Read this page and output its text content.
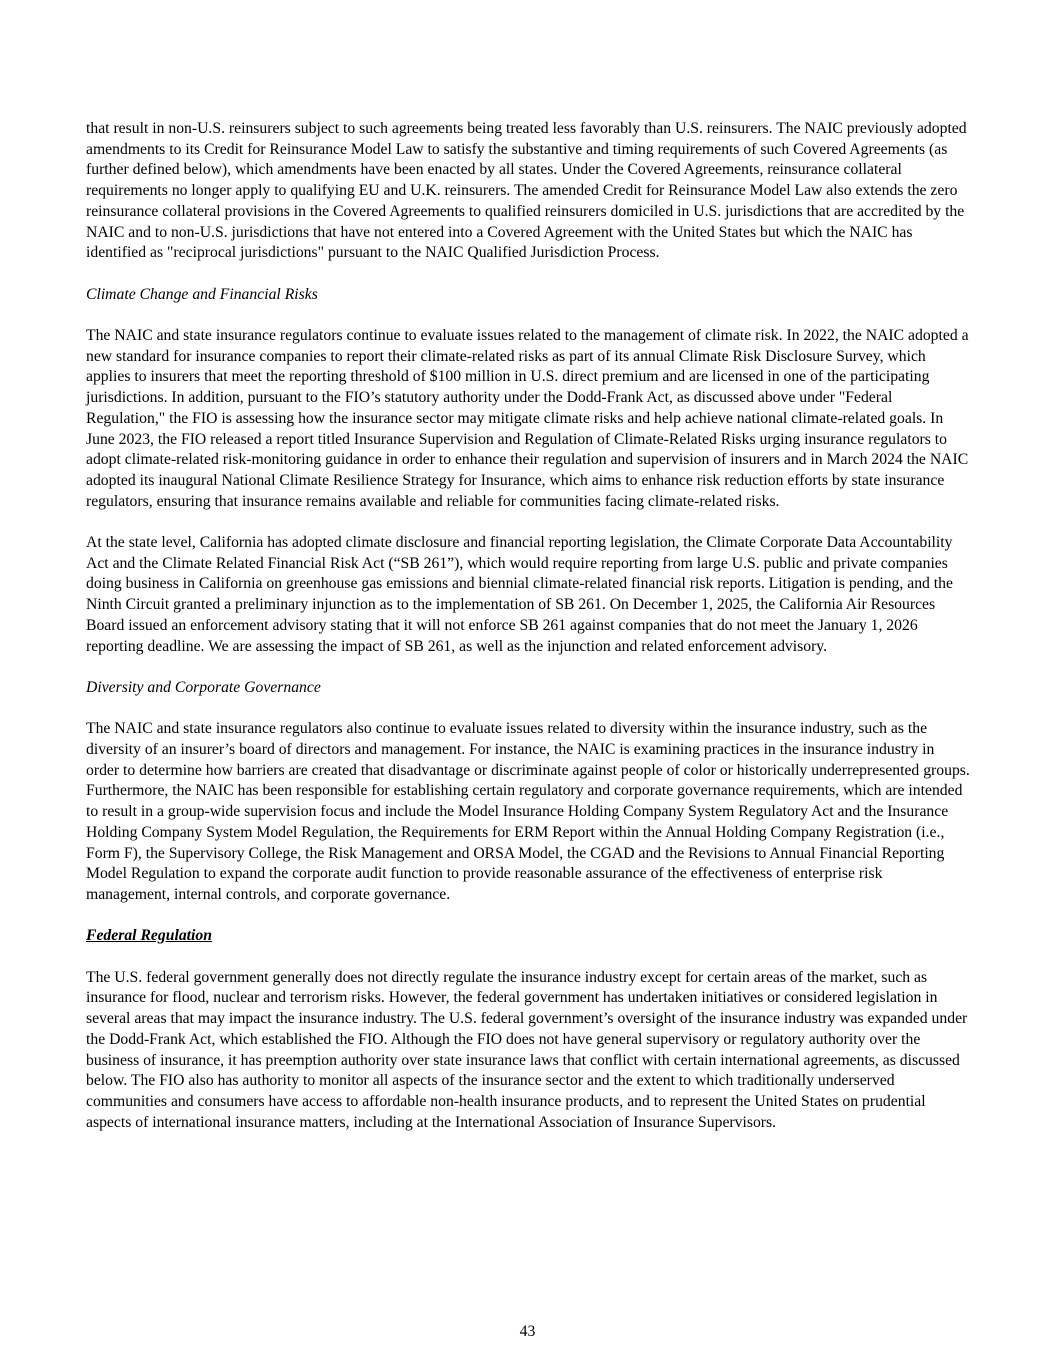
that result in non-U.S. reinsurers subject to such agreements being treated less favorably than U.S. reinsurers. The NAIC previously adopted amendments to its Credit for Reinsurance Model Law to satisfy the substantive and timing requirements of such Covered Agreements (as further defined below), which amendments have been enacted by all states. Under the Covered Agreements, reinsurance collateral requirements no longer apply to qualifying EU and U.K. reinsurers. The amended Credit for Reinsurance Model Law also extends the zero reinsurance collateral provisions in the Covered Agreements to qualified reinsurers domiciled in U.S. jurisdictions that are accredited by the NAIC and to non-U.S. jurisdictions that have not entered into a Covered Agreement with the United States but which the NAIC has identified as "reciprocal jurisdictions" pursuant to the NAIC Qualified Jurisdiction Process.

Climate Change and Financial Risks

The NAIC and state insurance regulators continue to evaluate issues related to the management of climate risk. In 2022, the NAIC adopted a new standard for insurance companies to report their climate-related risks as part of its annual Climate Risk Disclosure Survey, which applies to insurers that meet the reporting threshold of $100 million in U.S. direct premium and are licensed in one of the participating jurisdictions. In addition, pursuant to the FIO’s statutory authority under the Dodd-Frank Act, as discussed above under "Federal Regulation," the FIO is assessing how the insurance sector may mitigate climate risks and help achieve national climate-related goals. In June 2023, the FIO released a report titled Insurance Supervision and Regulation of Climate-Related Risks urging insurance regulators to adopt climate-related risk-monitoring guidance in order to enhance their regulation and supervision of insurers and in March 2024 the NAIC adopted its inaugural National Climate Resilience Strategy for Insurance, which aims to enhance risk reduction efforts by state insurance regulators, ensuring that insurance remains available and reliable for communities facing climate-related risks.

At the state level, California has adopted climate disclosure and financial reporting legislation, the Climate Corporate Data Accountability Act and the Climate Related Financial Risk Act (“SB 261”), which would require reporting from large U.S. public and private companies doing business in California on greenhouse gas emissions and biennial climate-related financial risk reports. Litigation is pending, and the Ninth Circuit granted a preliminary injunction as to the implementation of SB 261. On December 1, 2025, the California Air Resources Board issued an enforcement advisory stating that it will not enforce SB 261 against companies that do not meet the January 1, 2026 reporting deadline. We are assessing the impact of SB 261, as well as the injunction and related enforcement advisory.

Diversity and Corporate Governance

The NAIC and state insurance regulators also continue to evaluate issues related to diversity within the insurance industry, such as the diversity of an insurer’s board of directors and management. For instance, the NAIC is examining practices in the insurance industry in order to determine how barriers are created that disadvantage or discriminate against people of color or historically underrepresented groups. Furthermore, the NAIC has been responsible for establishing certain regulatory and corporate governance requirements, which are intended to result in a group-wide supervision focus and include the Model Insurance Holding Company System Regulatory Act and the Insurance Holding Company System Model Regulation, the Requirements for ERM Report within the Annual Holding Company Registration (i.e., Form F), the Supervisory College, the Risk Management and ORSA Model, the CGAD and the Revisions to Annual Financial Reporting Model Regulation to expand the corporate audit function to provide reasonable assurance of the effectiveness of enterprise risk management, internal controls, and corporate governance.

Federal Regulation

The U.S. federal government generally does not directly regulate the insurance industry except for certain areas of the market, such as insurance for flood, nuclear and terrorism risks. However, the federal government has undertaken initiatives or considered legislation in several areas that may impact the insurance industry. The U.S. federal government’s oversight of the insurance industry was expanded under the Dodd-Frank Act, which established the FIO. Although the FIO does not have general supervisory or regulatory authority over the business of insurance, it has preemption authority over state insurance laws that conflict with certain international agreements, as discussed below. The FIO also has authority to monitor all aspects of the insurance sector and the extent to which traditionally underserved communities and consumers have access to affordable non-health insurance products, and to represent the United States on prudential aspects of international insurance matters, including at the International Association of Insurance Supervisors.

43
